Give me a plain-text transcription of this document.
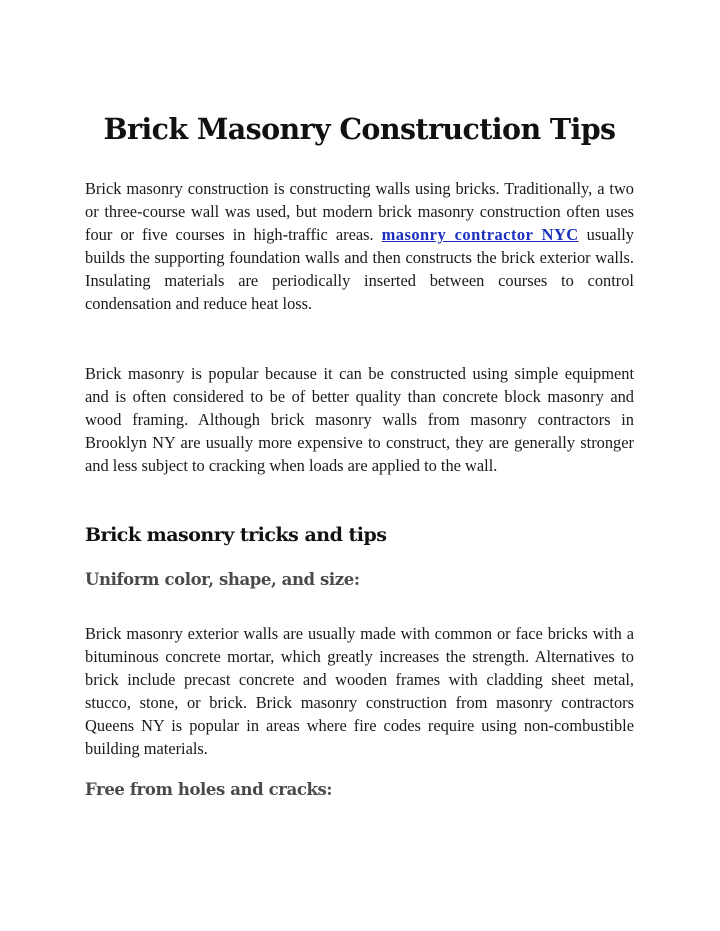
Brick Masonry Construction Tips

Brick masonry construction is constructing walls using bricks. Traditionally, a two or three-course wall was used, but modern brick masonry construction often uses four or five courses in high-traffic areas. masonry contractor NYC usually builds the supporting foundation walls and then constructs the brick exterior walls. Insulating materials are periodically inserted between courses to control condensation and reduce heat loss.

Brick masonry is popular because it can be constructed using simple equipment and is often considered to be of better quality than concrete block masonry and wood framing. Although brick masonry walls from masonry contractors in Brooklyn NY are usually more expensive to construct, they are generally stronger and less subject to cracking when loads are applied to the wall.

Brick masonry tricks and tips
Uniform color, shape, and size:

Brick masonry exterior walls are usually made with common or face bricks with a bituminous concrete mortar, which greatly increases the strength. Alternatives to brick include precast concrete and wooden frames with cladding sheet metal, stucco, stone, or brick. Brick masonry construction from masonry contractors Queens NY is popular in areas where fire codes require using non-combustible building materials.

Free from holes and cracks:
